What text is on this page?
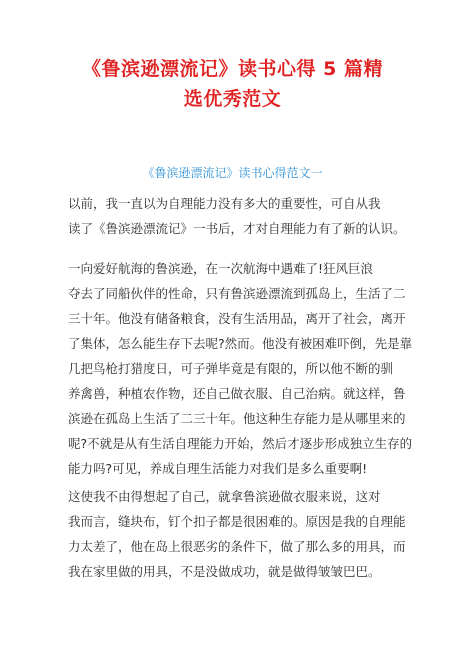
《鲁滨逊漂流记》读书心得 5 篇精
选优秀范文

《鲁滨逊漂流记》读书心得范文一

以前，我一直以为自理能力没有多大的重要性，可自从我
读了《鲁滨逊漂流记》一书后，才对自理能力有了新的认识。

一向爱好航海的鲁滨逊，在一次航海中遇难了!狂风巨浪
夺去了同船伙伴的性命，只有鲁滨逊漂流到孤岛上，生活了二
三十年。他没有储备粮食，没有生活用品，离开了社会，离开
了集体，怎么能生存下去呢?然而。他没有被困难吓倒，先是靠
几把鸟枪打猎度日，可子弹毕竟是有限的，所以他不断的驯
养禽兽，种植农作物，还自己做衣服、自己治病。就这样，鲁
滨逊在孤岛上生活了二三十年。他这种生存能力是从哪里来的
呢?不就是从有生活自理能力开始，然后才逐步形成独立生存的
能力吗?可见，养成自理生活能力对我们是多么重要啊!

这使我不由得想起了自己，就拿鲁滨逊做衣服来说，这对
我而言，缝块布，钉个扣子都是很困难的。原因是我的自理能
力太差了，他在岛上很恶劣的条件下，做了那么多的用具，而
我在家里做的用具，不是没做成功，就是做得皱皱巴巴。
